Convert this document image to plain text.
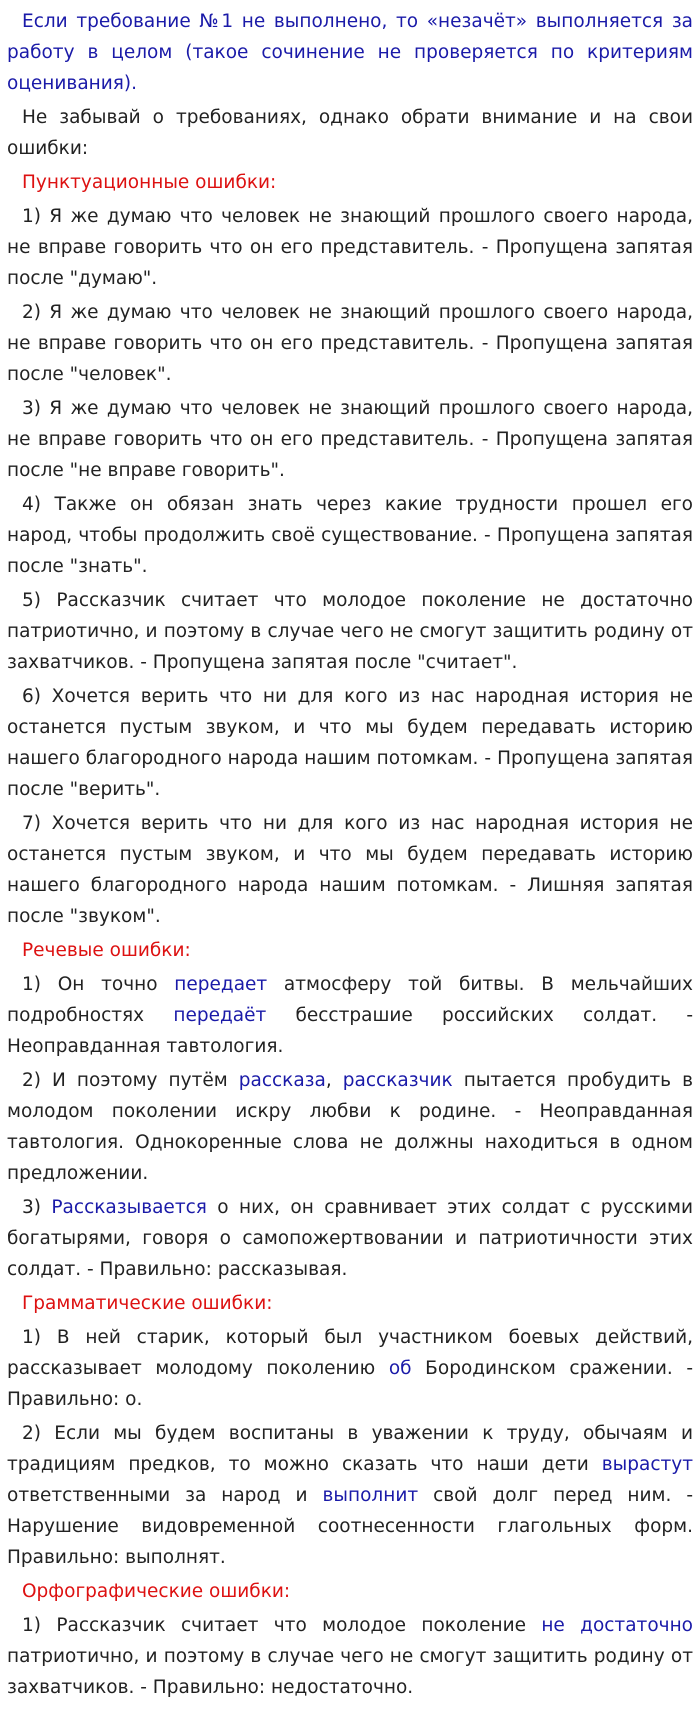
Если требование №1 не выполнено, то «незачёт» выполняется за работу в целом (такое сочинение не проверяется по критериям оценивания).

Не забывай о требованиях, однако обрати внимание и на свои ошибки:

Пунктуационные ошибки:

1) Я же думаю что человек не знающий прошлого своего народа, не вправе говорить что он его представитель. - Пропущена запятая после "думаю".

2) Я же думаю что человек не знающий прошлого своего народа, не вправе говорить что он его представитель. - Пропущена запятая после "человек".

3) Я же думаю что человек не знающий прошлого своего народа, не вправе говорить что он его представитель. - Пропущена запятая после "не вправе говорить".

4) Также он обязан знать через какие трудности прошел его народ, чтобы продолжить своё существование. - Пропущена запятая после "знать".

5) Рассказчик считает что молодое поколение не достаточно патриотично, и поэтому в случае чего не смогут защитить родину от захватчиков. - Пропущена запятая после "считает".

6) Хочется верить что ни для кого из нас народная история не останется пустым звуком, и что мы будем передавать историю нашего благородного народа нашим потомкам. - Пропущена запятая после "верить".

7) Хочется верить что ни для кого из нас народная история не останется пустым звуком, и что мы будем передавать историю нашего благородного народа нашим потомкам. - Лишняя запятая после "звуком".

Речевые ошибки:

1) Он точно передает атмосферу той битвы. В мельчайших подробностях передаёт бесстрашие российских солдат. - Неоправданная тавтология.

2) И поэтому путём рассказа, рассказчик пытается пробудить в молодом поколении искру любви к родине. - Неоправданная тавтология. Однокоренные слова не должны находиться в одном предложении.

3) Рассказывается о них, он сравнивает этих солдат с русскими богатырями, говоря о самопожертвовании и патриотичности этих солдат. - Правильно: рассказывая.

Грамматические ошибки:

1) В ней старик, который был участником боевых действий, рассказывает молодому поколению об Бородинском сражении. - Правильно: о.

2) Если мы будем воспитаны в уважении к труду, обычаям и традициям предков, то можно сказать что наши дети вырастут ответственными за народ и выполнит свой долг перед ним. - Нарушение видовременной соотнесенности глагольных форм. Правильно: выполнят.

Орфографические ошибки:

1) Рассказчик считает что молодое поколение не достаточно патриотично, и поэтому в случае чего не смогут защитить родину от захватчиков. - Правильно: недостаточно.
